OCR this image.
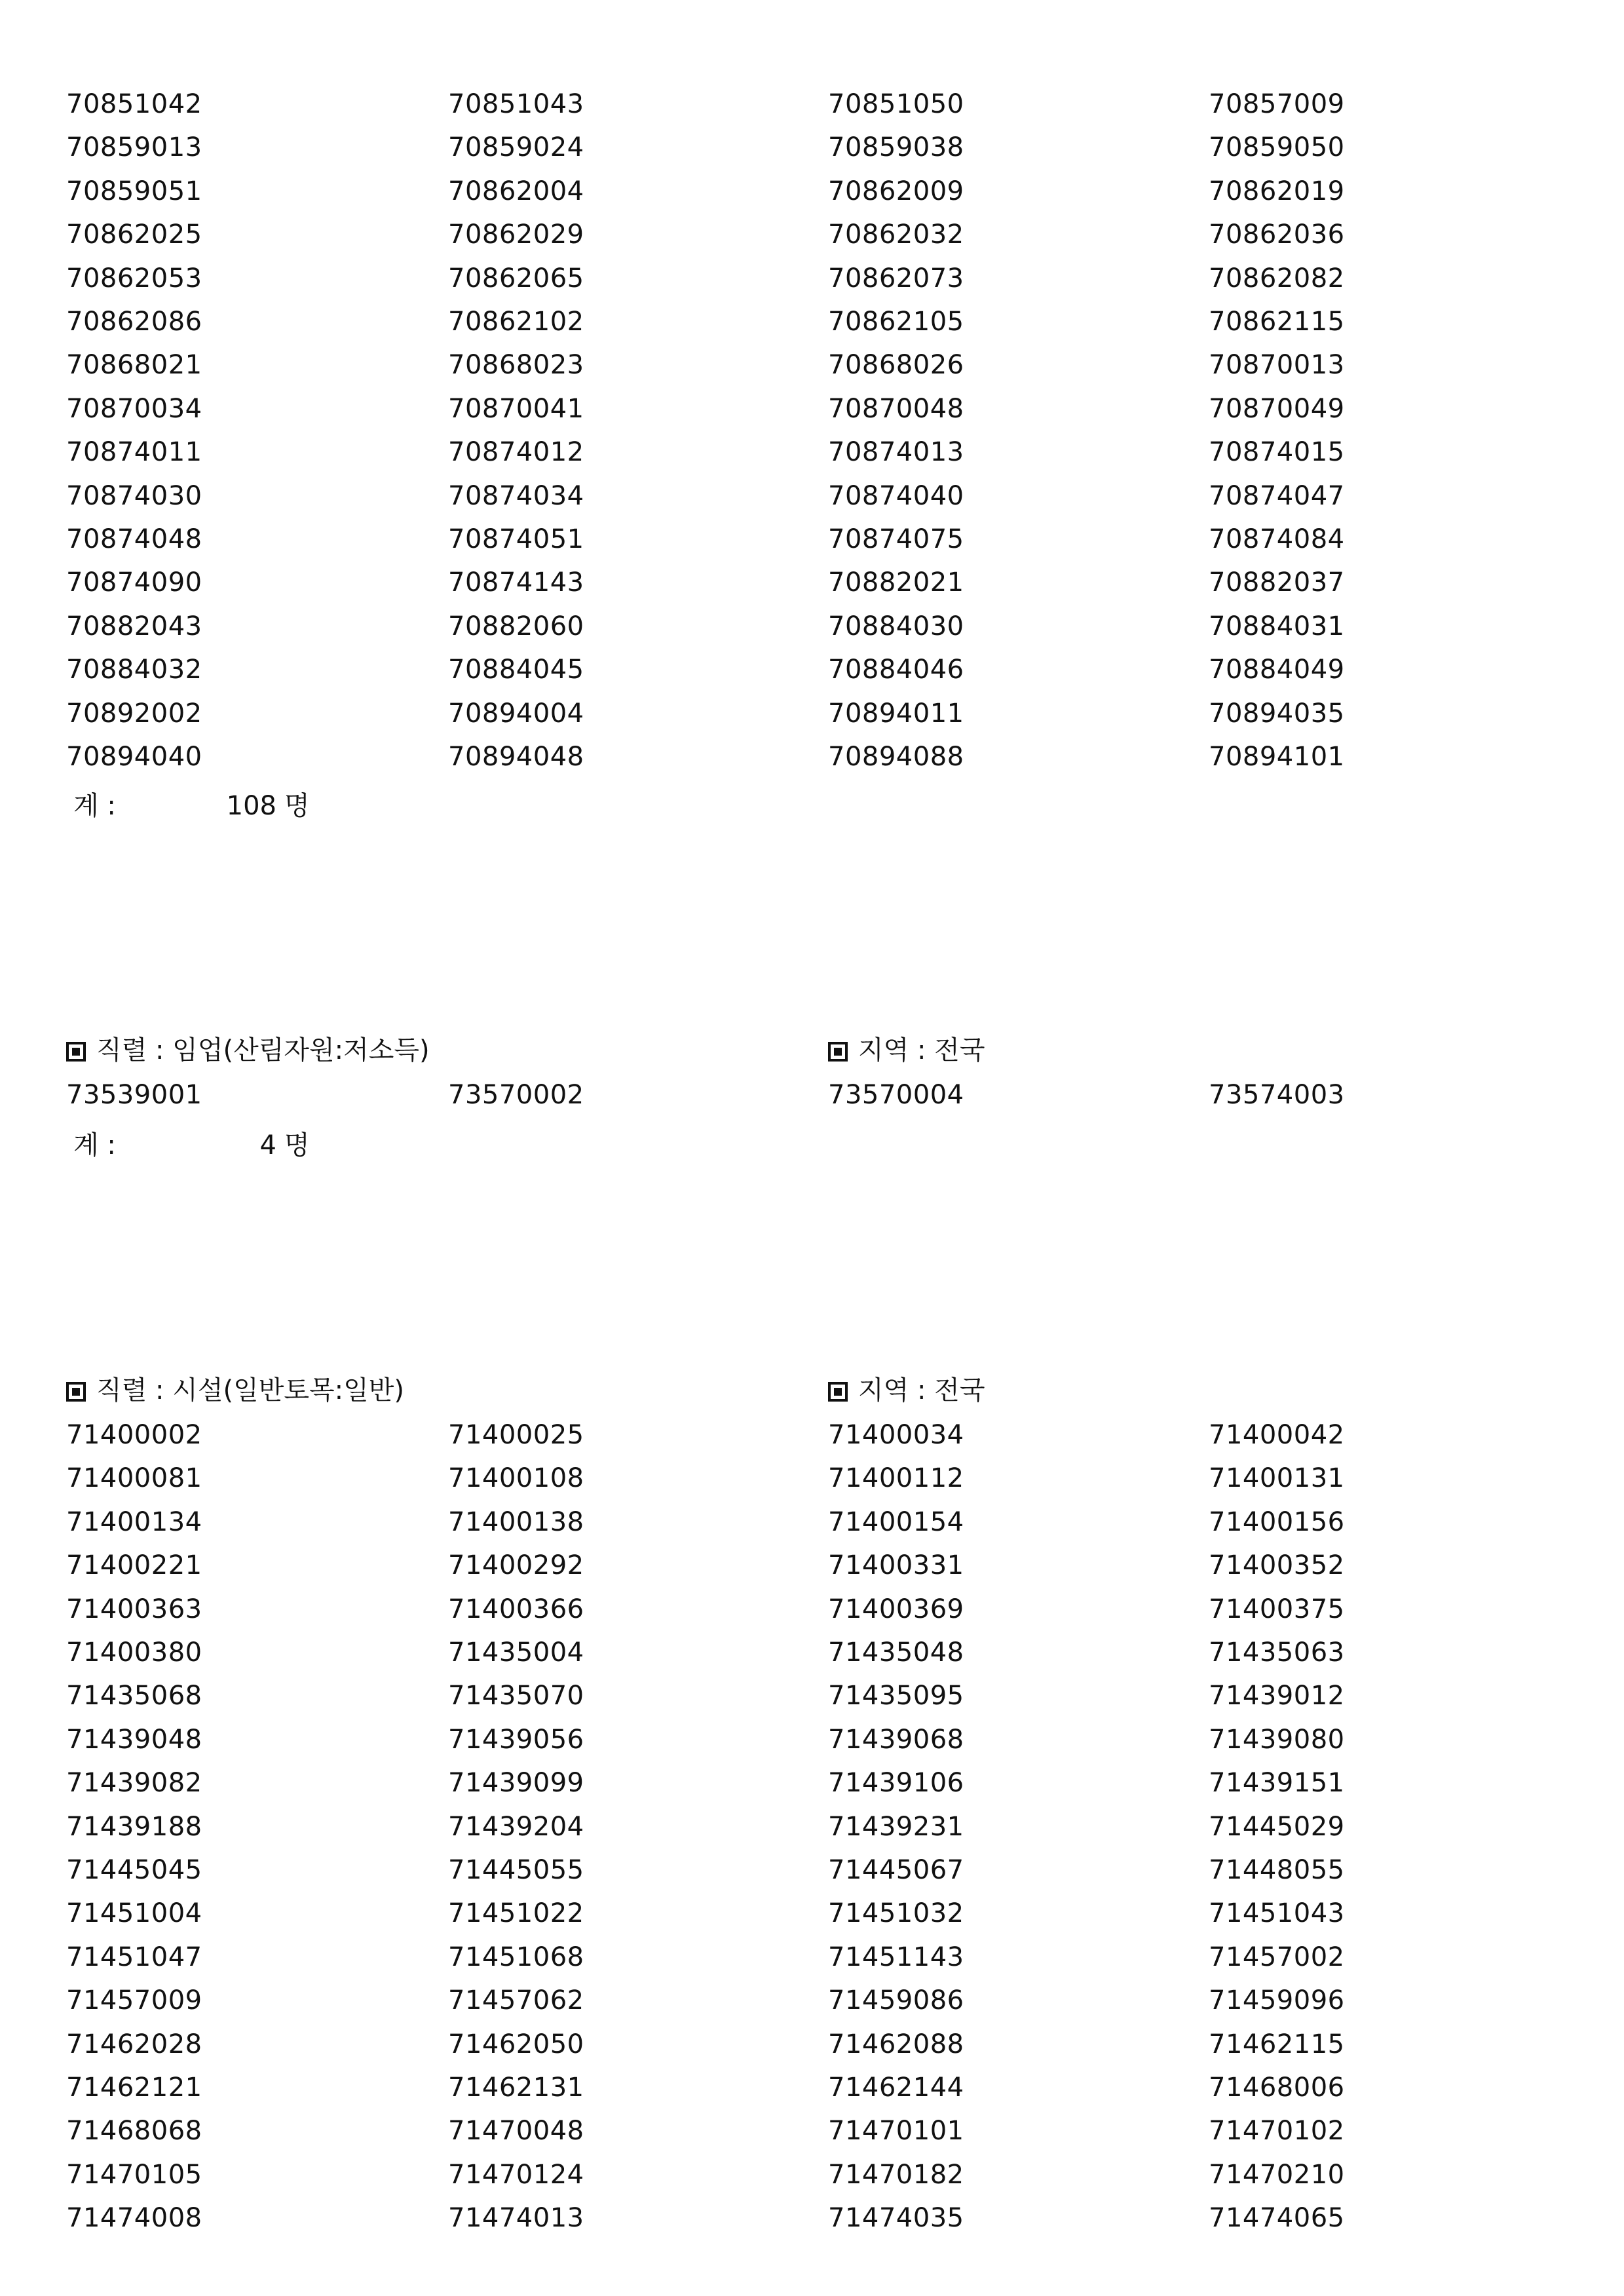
70851042	70851043	70851050	70857009
70859013	70859024	70859038	70859050
70859051	70862004	70862009	70862019
70862025	70862029	70862032	70862036
70862053	70862065	70862073	70862082
70862086	70862102	70862105	70862115
70868021	70868023	70868026	70870013
70870034	70870041	70870048	70870049
70874011	70874012	70874013	70874015
70874030	70874034	70874040	70874047
70874048	70874051	70874075	70874084
70874090	70874143	70882021	70882037
70882043	70882060	70884030	70884031
70884032	70884045	70884046	70884049
70892002	70894004	70894011	70894035
70894040	70894048	70894088	70894101
계 :	108 명
직렬 : 임업(산림자원:저소득)	지역 : 전국
73539001	73570002	73570004	73574003
계 :	4 명
직렬 : 시설(일반토목:일반)	지역 : 전국
71400002	71400025	71400034	71400042
71400081	71400108	71400112	71400131
71400134	71400138	71400154	71400156
71400221	71400292	71400331	71400352
71400363	71400366	71400369	71400375
71400380	71435004	71435048	71435063
71435068	71435070	71435095	71439012
71439048	71439056	71439068	71439080
71439082	71439099	71439106	71439151
71439188	71439204	71439231	71445029
71445045	71445055	71445067	71448055
71451004	71451022	71451032	71451043
71451047	71451068	71451143	71457002
71457009	71457062	71459086	71459096
71462028	71462050	71462088	71462115
71462121	71462131	71462144	71468006
71468068	71470048	71470101	71470102
71470105	71470124	71470182	71470210
71474008	71474013	71474035	71474065
